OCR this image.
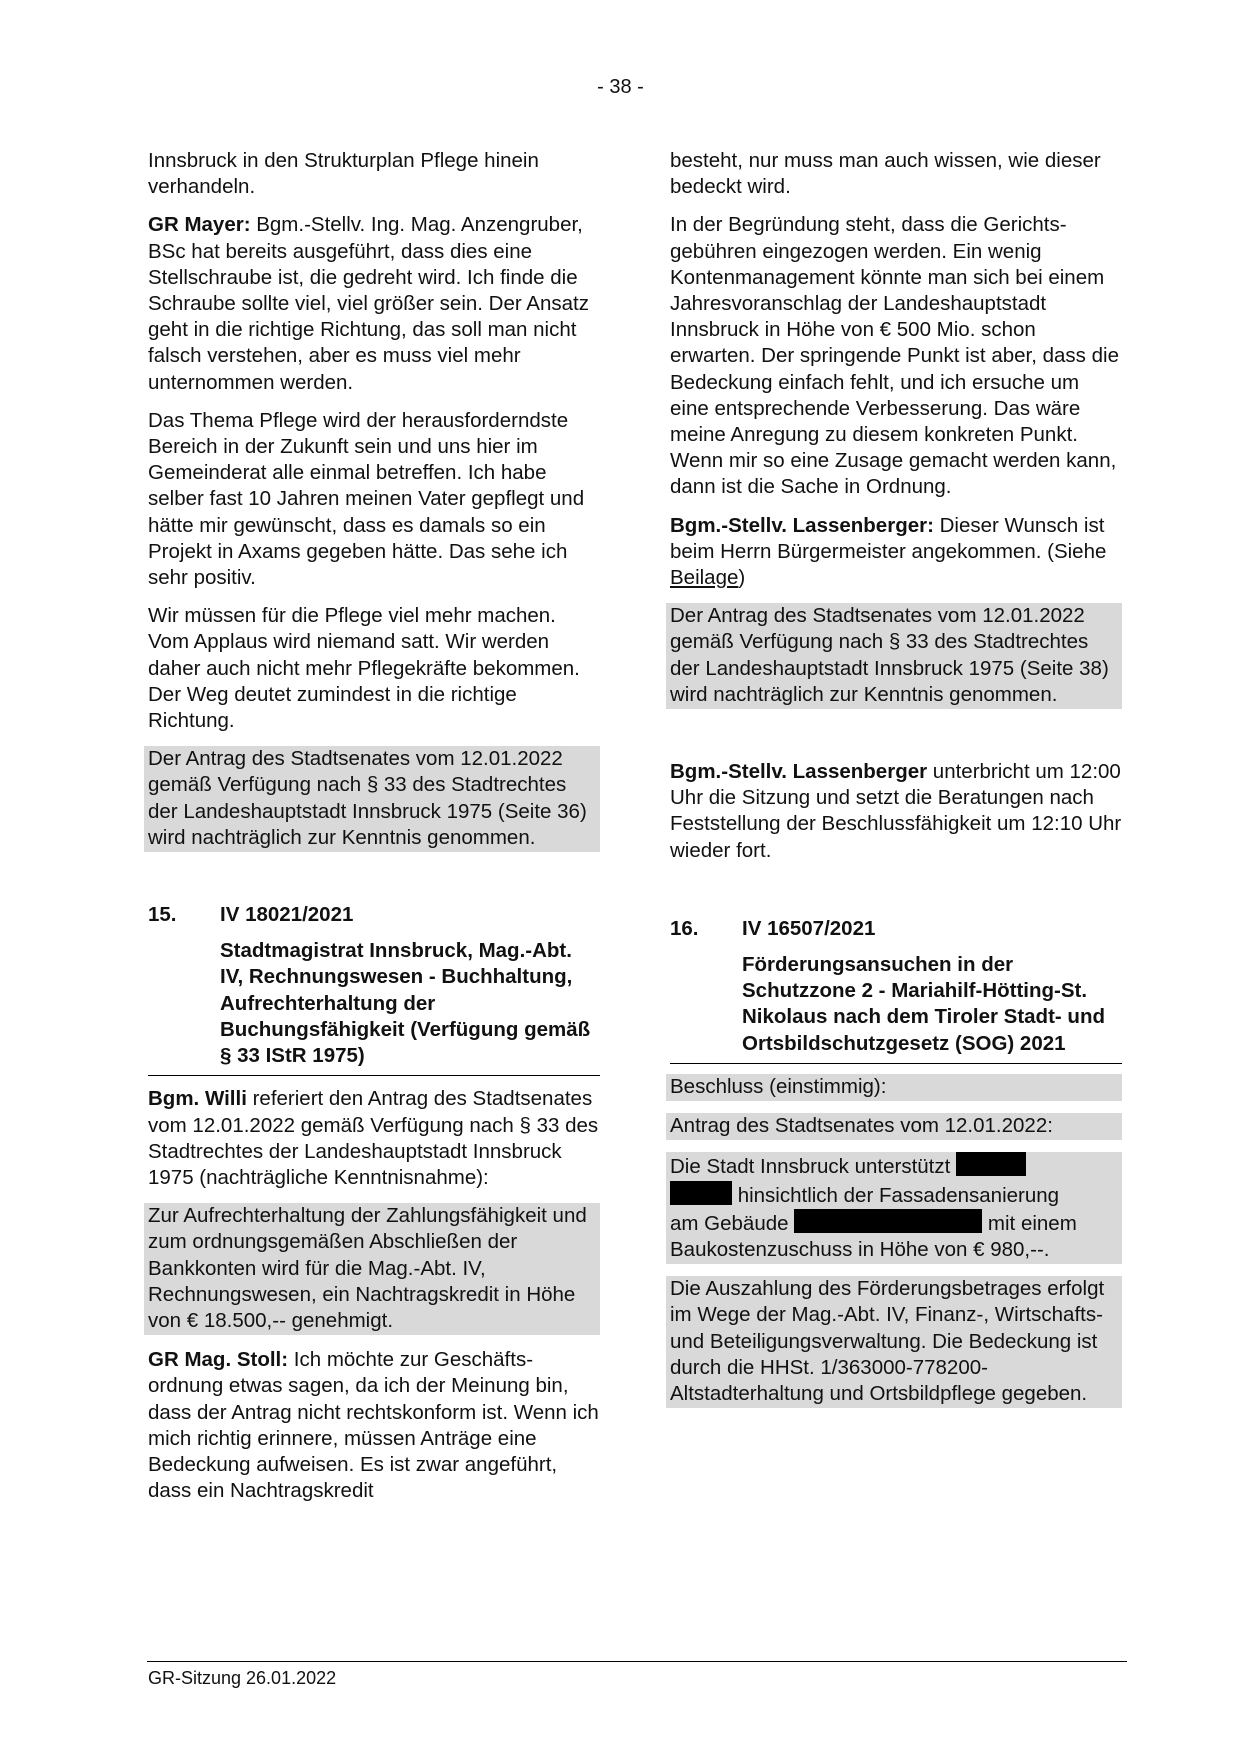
- 38 -

Innsbruck in den Strukturplan Pflege hinein verhandeln.

GR Mayer: Bgm.-Stellv. Ing. Mag. Anzengruber, BSc hat bereits ausgeführt, dass dies eine Stellschraube ist, die gedreht wird. Ich finde die Schraube sollte viel, viel größer sein. Der Ansatz geht in die richtige Richtung, das soll man nicht falsch verstehen, aber es muss viel mehr unternommen werden.

Das Thema Pflege wird der herausforderndste Bereich in der Zukunft sein und uns hier im Gemeinderat alle einmal betreffen. Ich habe selber fast 10 Jahren meinen Vater gepflegt und hätte mir gewünscht, dass es damals so ein Projekt in Axams gegeben hätte. Das sehe ich sehr positiv.

Wir müssen für die Pflege viel mehr machen. Vom Applaus wird niemand satt. Wir werden daher auch nicht mehr Pflegekräfte bekommen. Der Weg deutet zumindest in die richtige Richtung.

Der Antrag des Stadtsenates vom 12.01.2022 gemäß Verfügung nach § 33 des Stadtrechtes der Landeshauptstadt Innsbruck 1975 (Seite 36) wird nachträglich zur Kenntnis genommen.

15. IV 18021/2021

Stadtmagistrat Innsbruck, Mag.-Abt. IV, Rechnungswesen - Buchhaltung, Aufrechterhaltung der Buchungsfähigkeit (Verfügung gemäß § 33 IStR 1975)

Bgm. Willi referiert den Antrag des Stadtsenates vom 12.01.2022 gemäß Verfügung nach § 33 des Stadtrechtes der Landeshauptstadt Innsbruck 1975 (nachträgliche Kenntnisnahme):

Zur Aufrechterhaltung der Zahlungsfähigkeit und zum ordnungsgemäßen Abschließen der Bankkonten wird für die Mag.-Abt. IV, Rechnungswesen, ein Nachtragskredit in Höhe von € 18.500,-- genehmigt.

GR Mag. Stoll: Ich möchte zur Geschäftsordnung etwas sagen, da ich der Meinung bin, dass der Antrag nicht rechtskonform ist. Wenn ich mich richtig erinnere, müssen Anträge eine Bedeckung aufweisen. Es ist zwar angeführt, dass ein Nachtragskredit

besteht, nur muss man auch wissen, wie dieser bedeckt wird.

In der Begründung steht, dass die Gerichtsgebühren eingezogen werden. Ein wenig Kontenmanagement könnte man sich bei einem Jahresvoranschlag der Landeshauptstadt Innsbruck in Höhe von € 500 Mio. schon erwarten. Der springende Punkt ist aber, dass die Bedeckung einfach fehlt, und ich ersuche um eine entsprechende Verbesserung. Das wäre meine Anregung zu diesem konkreten Punkt. Wenn mir so eine Zusage gemacht werden kann, dann ist die Sache in Ordnung.

Bgm.-Stellv. Lassenberger: Dieser Wunsch ist beim Herrn Bürgermeister angekommen. (Siehe Beilage)

Der Antrag des Stadtsenates vom 12.01.2022 gemäß Verfügung nach § 33 des Stadtrechtes der Landeshauptstadt Innsbruck 1975 (Seite 38) wird nachträglich zur Kenntnis genommen.

Bgm.-Stellv. Lassenberger unterbricht um 12:00 Uhr die Sitzung und setzt die Beratungen nach Feststellung der Beschlussfähigkeit um 12:10 Uhr wieder fort.

16. IV 16507/2021

Förderungsansuchen in der Schutzzone 2 - Mariahilf-Hötting-St. Nikolaus nach dem Tiroler Stadt- und Ortsbildschutzgesetz (SOG) 2021
Beschluss (einstimmig):
Antrag des Stadtsenates vom 12.01.2022:
Die Stadt Innsbruck unterstützt
hinsichtlich der Fassadensanierung
am Gebäude	mit einem Baukostenzuschuss in Höhe von € 980,--.
Die Auszahlung des Förderungsbetrages erfolgt im Wege der Mag.-Abt. IV, Finanz-, Wirtschafts- und Beteiligungsverwaltung. Die Bedeckung ist durch die HHSt. 1/363000-778200-Altstadterhaltung und Ortsbildpflege gegeben.
GR-Sitzung 26.01.2022
